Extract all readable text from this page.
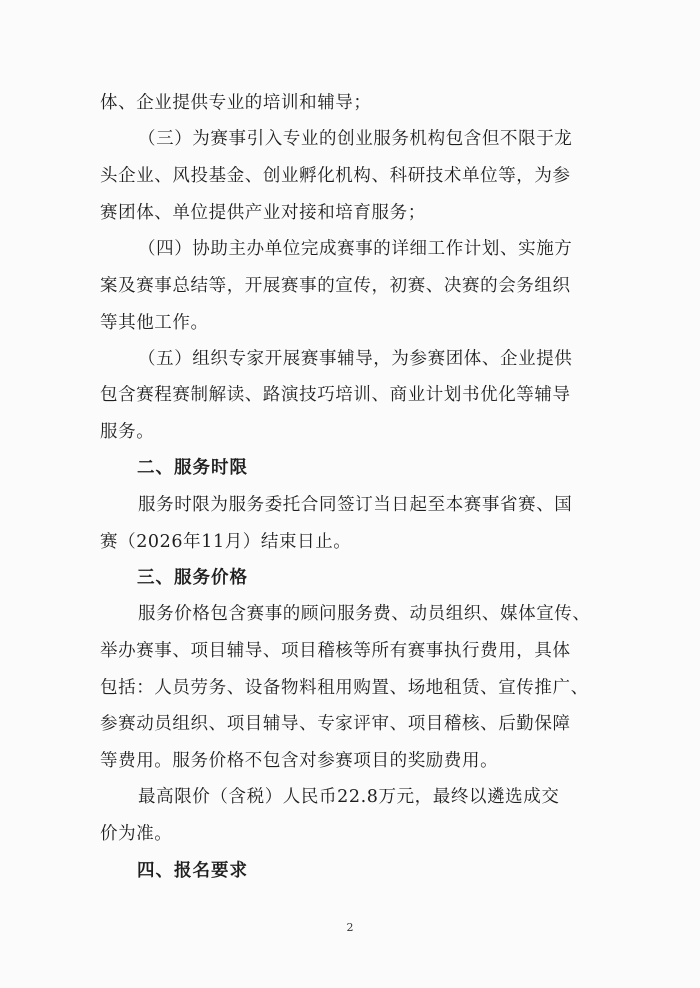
体、企业提供专业的培训和辅导；
（三）为赛事引入专业的创业服务机构包含但不限于龙
头企业、风投基金、创业孵化机构、科研技术单位等，为参
赛团体、单位提供产业对接和培育服务；
（四）协助主办单位完成赛事的详细工作计划、实施方
案及赛事总结等，开展赛事的宣传，初赛、决赛的会务组织
等其他工作。
（五）组织专家开展赛事辅导，为参赛团体、企业提供
包含赛程赛制解读、路演技巧培训、商业计划书优化等辅导
服务。
二、服务时限
服务时限为服务委托合同签订当日起至本赛事省赛、国
赛（2026年11月）结束日止。
三、服务价格
服务价格包含赛事的顾问服务费、动员组织、媒体宣传、
举办赛事、项目辅导、项目稽核等所有赛事执行费用，具体
包括：人员劳务、设备物料租用购置、场地租赁、宣传推广、
参赛动员组织、项目辅导、专家评审、项目稽核、后勤保障
等费用。服务价格不包含对参赛项目的奖励费用。
最高限价（含税）人民币22.8万元，最终以遴选成交
价为准。
四、报名要求
2
